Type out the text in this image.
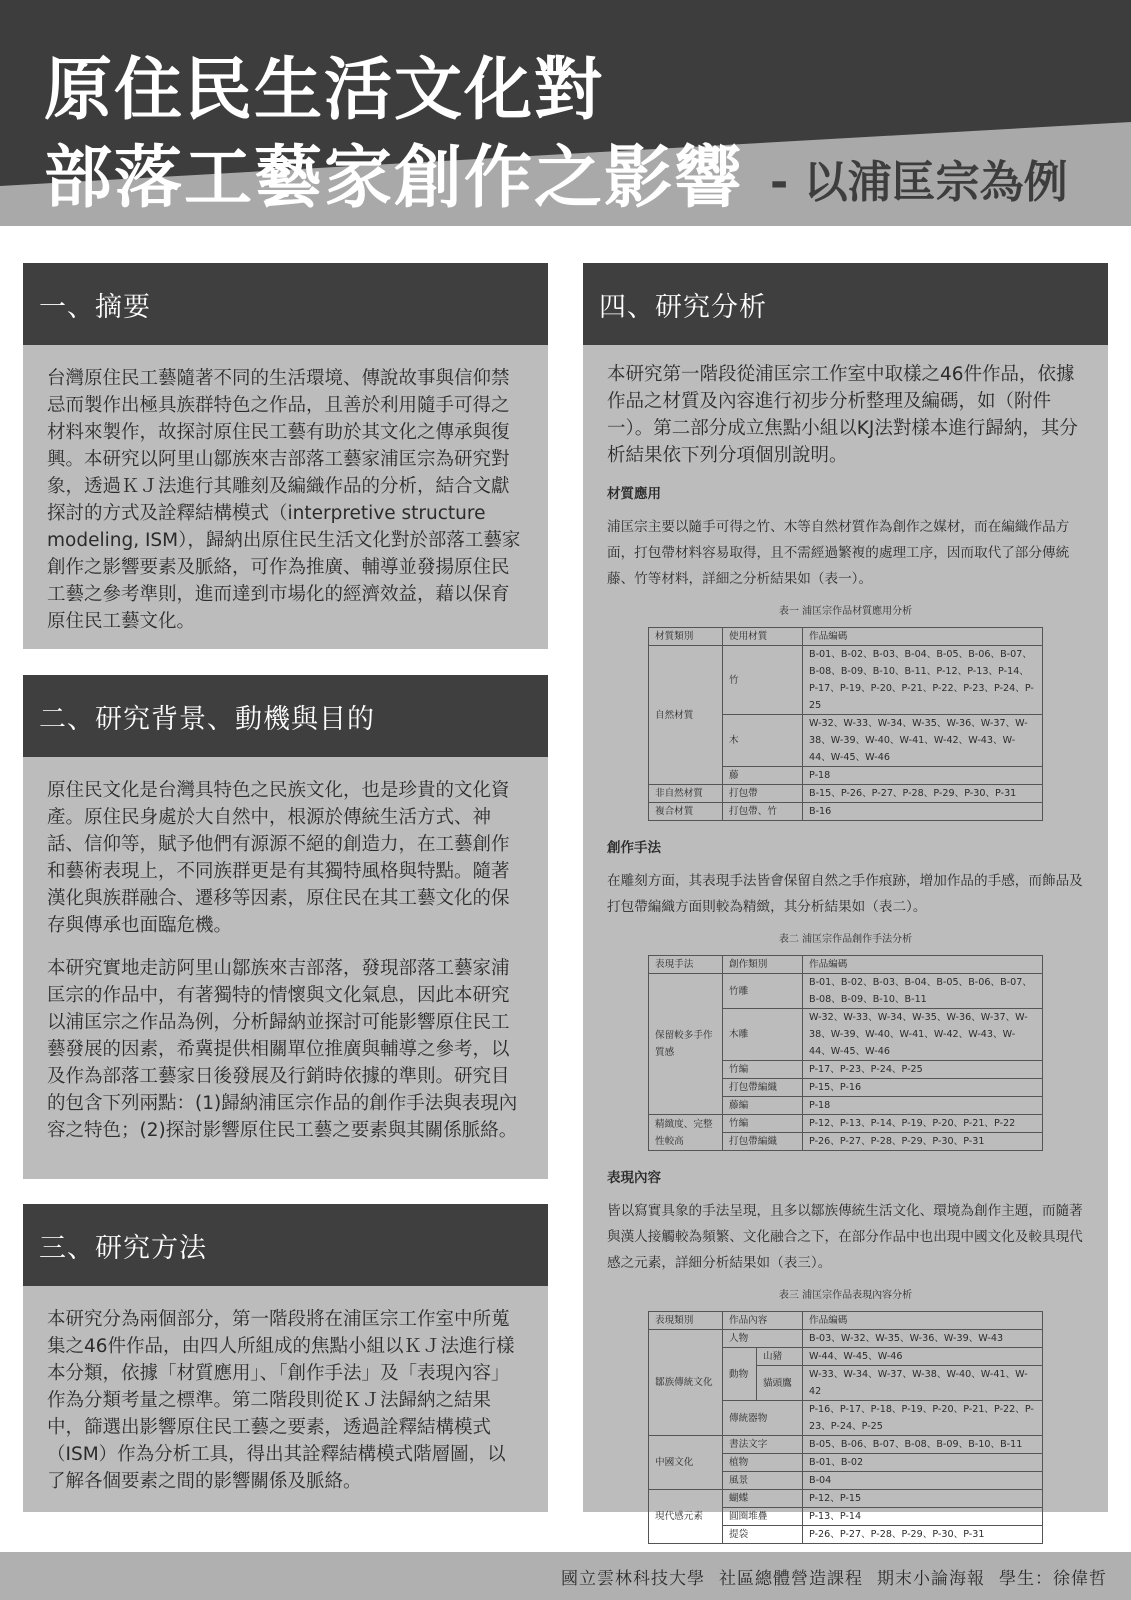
原住民生活文化對
部落工藝家創作之影響 - 以浦匡宗為例
一、摘要

台灣原住民工藝隨著不同的生活環境、傳說故事與信仰禁忌而製作出極具族群特色之作品，且善於利用隨手可得之材料來製作，故探討原住民工藝有助於其文化之傳承與復興。本研究以阿里山鄒族來吉部落工藝家浦匡宗為研究對象，透過ＫＪ法進行其雕刻及編織作品的分析，結合文獻探討的方式及詮釋結構模式（interpretive structure modeling, ISM），歸納出原住民生活文化對於部落工藝家創作之影響要素及脈絡，可作為推廣、輔導並發揚原住民工藝之參考準則，進而達到市場化的經濟效益，藉以保育原住民工藝文化。

二、研究背景、動機與目的

原住民文化是台灣具特色之民族文化，也是珍貴的文化資產。原住民身處於大自然中，根源於傳統生活方式、神話、信仰等，賦予他們有源源不絕的創造力，在工藝創作和藝術表現上，不同族群更是有其獨特風格與特點。隨著漢化與族群融合、遷移等因素，原住民在其工藝文化的保存與傳承也面臨危機。

本研究實地走訪阿里山鄒族來吉部落，發現部落工藝家浦匡宗的作品中，有著獨特的情懷與文化氣息，因此本研究以浦匡宗之作品為例，分析歸納並探討可能影響原住民工藝發展的因素，希冀提供相關單位推廣與輔導之參考，以及作為部落工藝家日後發展及行銷時依據的準則。研究目的包含下列兩點：(1)歸納浦匡宗作品的創作手法與表現內容之特色；(2)探討影響原住民工藝之要素與其關係脈絡。

三、研究方法

本研究分為兩個部分，第一階段將在浦匡宗工作室中所蒐集之46件作品，由四人所組成的焦點小組以ＫＪ法進行樣本分類，依據「材質應用」、「創作手法」及「表現內容」作為分類考量之標準。第二階段則從ＫＪ法歸納之結果中，篩選出影響原住民工藝之要素，透過詮釋結構模式（ISM）作為分析工具，得出其詮釋結構模式階層圖，以了解各個要素之間的影響關係及脈絡。

四、研究分析

本研究第一階段從浦匡宗工作室中取樣之46件作品，依據作品之材質及內容進行初步分析整理及編碼，如（附件一）。第二部分成立焦點小組以KJ法對樣本進行歸納，其分析結果依下列分項個別說明。

材質應用
浦匡宗主要以隨手可得之竹、木等自然材質作為創作之媒材，而在編織作品方面，打包帶材料容易取得，且不需經過繁複的處理工序，因而取代了部分傳統藤、竹等材料，詳細之分析結果如（表一）。
表一 浦匡宗作品材質應用分析
材質類別	使用材質	作品編碼
自然材質	竹	B-01、B-02、B-03、B-04、B-05、B-06、B-07、B-08、B-09、B-10、B-11、P-12、P-13、P-14、P-17、P-19、P-20、P-21、P-22、P-23、P-24、P-25
	木	W-32、W-33、W-34、W-35、W-36、W-37、W-38、W-39、W-40、W-41、W-42、W-43、W-44、W-45、W-46
	藤	P-18
非自然材質	打包帶	B-15、P-26、P-27、P-28、P-29、P-30、P-31
複合材質	打包帶、竹	B-16
創作手法
在雕刻方面，其表現手法皆會保留自然之手作痕跡，增加作品的手感，而飾品及打包帶編織方面則較為精緻，其分析結果如（表二）。
表二 浦匡宗作品創作手法分析
表現手法	創作類別	作品編碼
保留較多手作質感	竹雕	B-01、B-02、B-03、B-04、B-05、B-06、B-07、B-08、B-09、B-10、B-11
	木雕	W-32、W-33、W-34、W-35、W-36、W-37、W-38、W-39、W-40、W-41、W-42、W-43、W-44、W-45、W-46
	竹編	P-17、P-23、P-24、P-25
	打包帶編織	P-15、P-16
	藤編	P-18
精緻度、完整性較高	竹編	P-12、P-13、P-14、P-19、P-20、P-21、P-22
	打包帶編織	P-26、P-27、P-28、P-29、P-30、P-31
表現內容
皆以寫實具象的手法呈現，且多以鄒族傳統生活文化、環境為創作主題，而隨著與漢人接觸較為頻繁、文化融合之下，在部分作品中也出現中國文化及較具現代感之元素，詳細分析結果如（表三）。
表三 浦匡宗作品表現內容分析
表現類別	作品內容		作品編碼
鄒族傳統文化	人物		B-03、W-32、W-35、W-36、W-39、W-43
	動物	山豬	W-44、W-45、W-46
		貓頭鷹	W-33、W-34、W-37、W-38、W-40、W-41、W-42
	傳統器物		P-16、P-17、P-18、P-19、P-20、P-21、P-22、P-23、P-24、P-25
中國文化	書法文字		B-05、B-06、B-07、B-08、B-09、B-10、B-11
	植物		B-01、B-02
	風景		B-04
現代感元素	蝴蝶		P-12、P-15
	圓圈堆疊		P-13、P-14
	提袋		P-26、P-27、P-28、P-29、P-30、P-31
國立雲林科技大學 社區總體營造課程 期末小論海報 學生：徐偉哲
